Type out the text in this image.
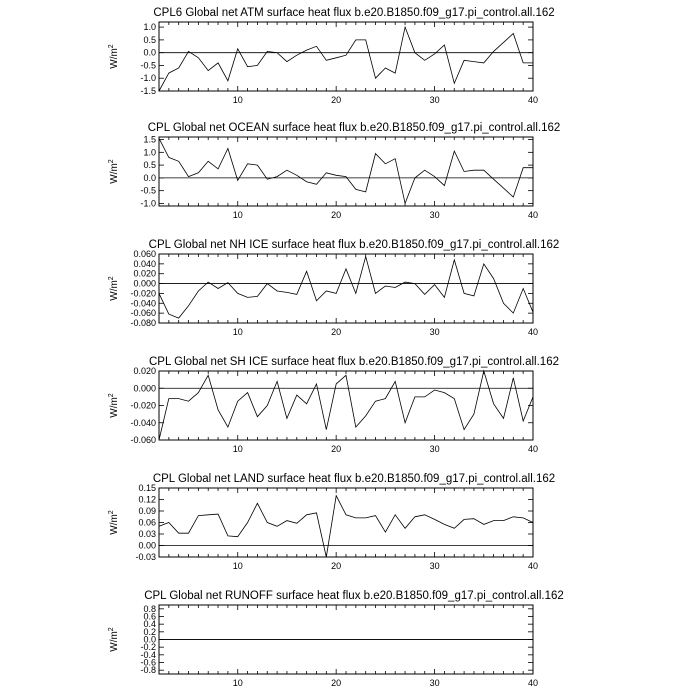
CPL6 Global net ATM surface heat flux b.e20.B1850.f09_g17.pi_control.all.162
10	20	30	40
-1.5
-1.0
-0.5
0.0
0.5
1.0
$W/m^2$
CPL Global net OCEAN surface heat flux b.e20.B1850.f09_g17.pi_control.all.162
10	20	30	40
-1.0
-0.5
0.0
0.5
1.0
1.5
$W/m^2$
CPL Global net NH ICE surface heat flux b.e20.B1850.f09_g17.pi_control.all.162
10	20	30	40
-0.080
-0.060
-0.040
-0.020
0.000
0.020
0.040
0.060
$W/m^2$
CPL Global net SH ICE surface heat flux b.e20.B1850.f09_g17.pi_control.all.162
10	20	30	40
-0.060
-0.040
-0.020
0.000
0.020
$W/m^2$
CPL Global net LAND surface heat flux b.e20.B1850.f09_g17.pi_control.all.162
10	20	30	40
-0.03
0.00
0.03
0.06
0.09
0.12
0.15
$W/m^2$
CPL Global net RUNOFF surface heat flux b.e20.B1850.f09_g17.pi_control.all.162
10	20	30	40
-0.8
-0.6
-0.4
-0.2
0.0
0.2
0.4
0.6
0.8
$W/m^2$
